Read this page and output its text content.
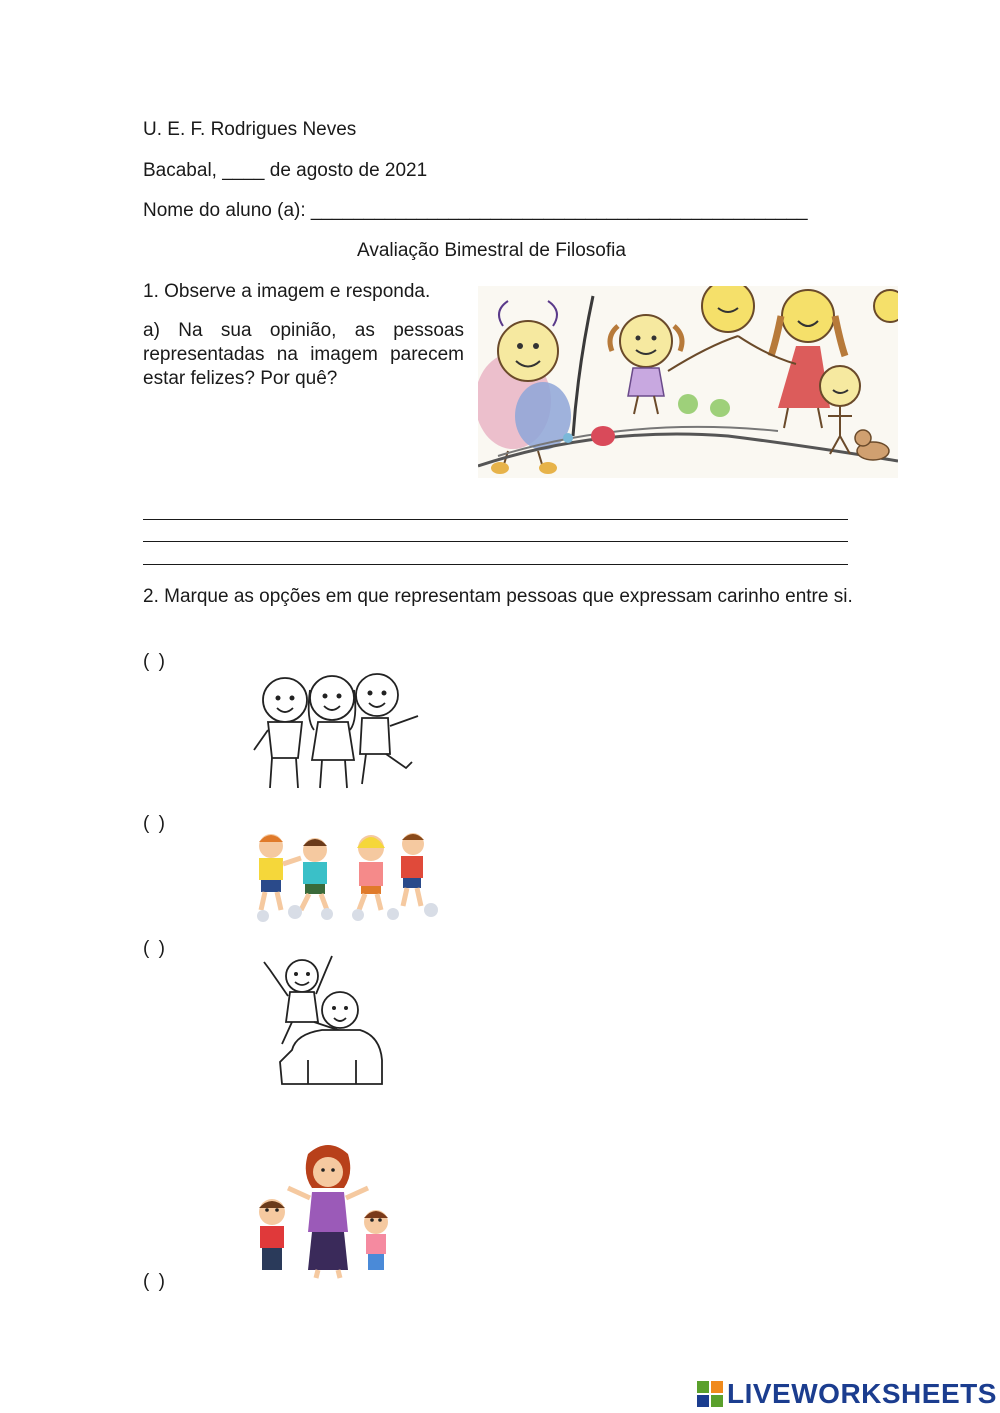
U. E. F. Rodrigues Neves
Bacabal, ____ de agosto de 2021
Nome do aluno (a): _______________________________________________
Avaliação Bimestral de Filosofia
1. Observe a imagem e responda.
a) Na sua opinião, as pessoas representadas na imagem parecem estar felizes? Por quê?
2. Marque as opções em que representam pessoas que expressam carinho entre si.
( )
( )
( )
( )
LIVEWORKSHEETS
